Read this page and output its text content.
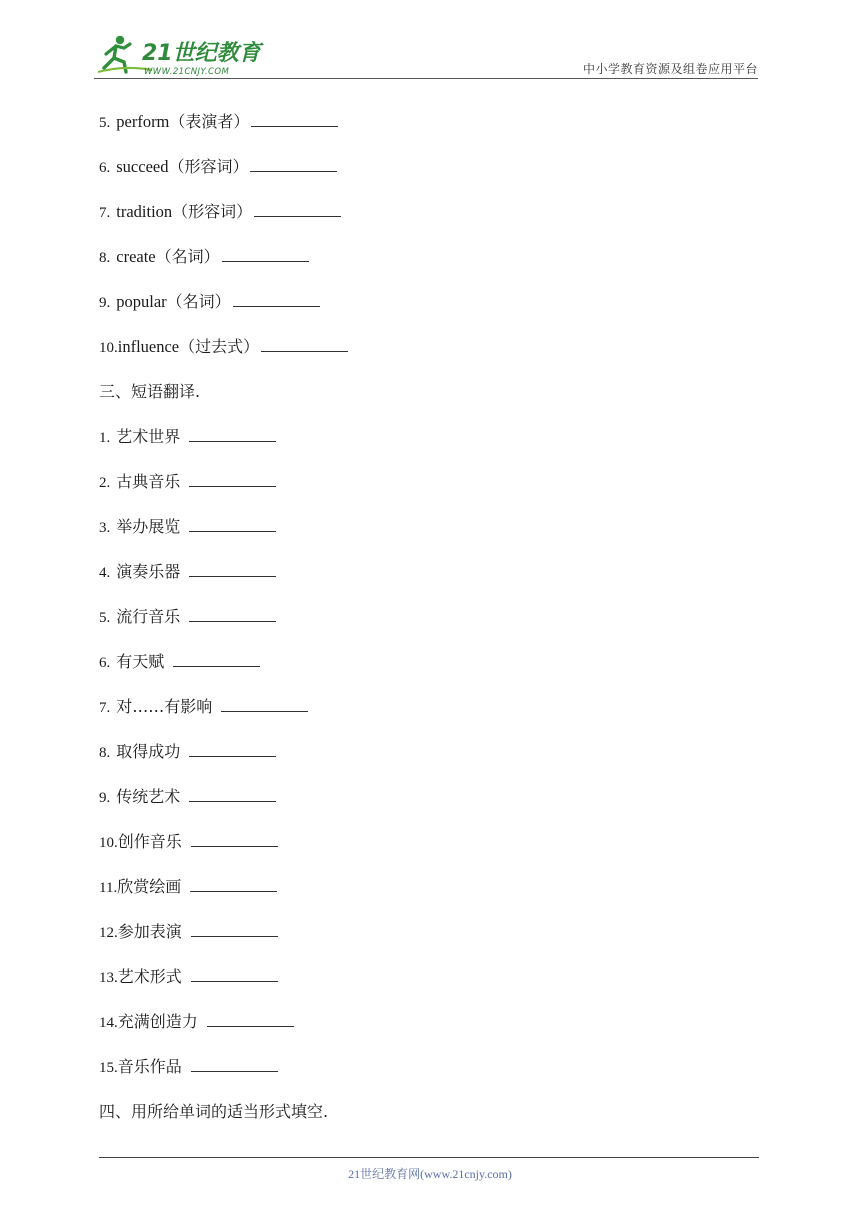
21世纪教育
WWW.21CNJY.COM	中小学教育资源及组卷应用平台
5. perform（表演者）
6. succeed（形容词）
7. tradition（形容词）
8. create（名词）
9. popular（名词）
10.influence（过去式）
三、短语翻译.
1. 艺术世界
2. 古典音乐
3. 举办展览
4. 演奏乐器
5. 流行音乐
6. 有天赋
7. 对……有影响
8. 取得成功
9. 传统艺术
10.创作音乐
11.欣赏绘画
12.参加表演
13.艺术形式
14.充满创造力
15.音乐作品
四、用所给单词的适当形式填空.
21世纪教育网(www.21cnjy.com)
